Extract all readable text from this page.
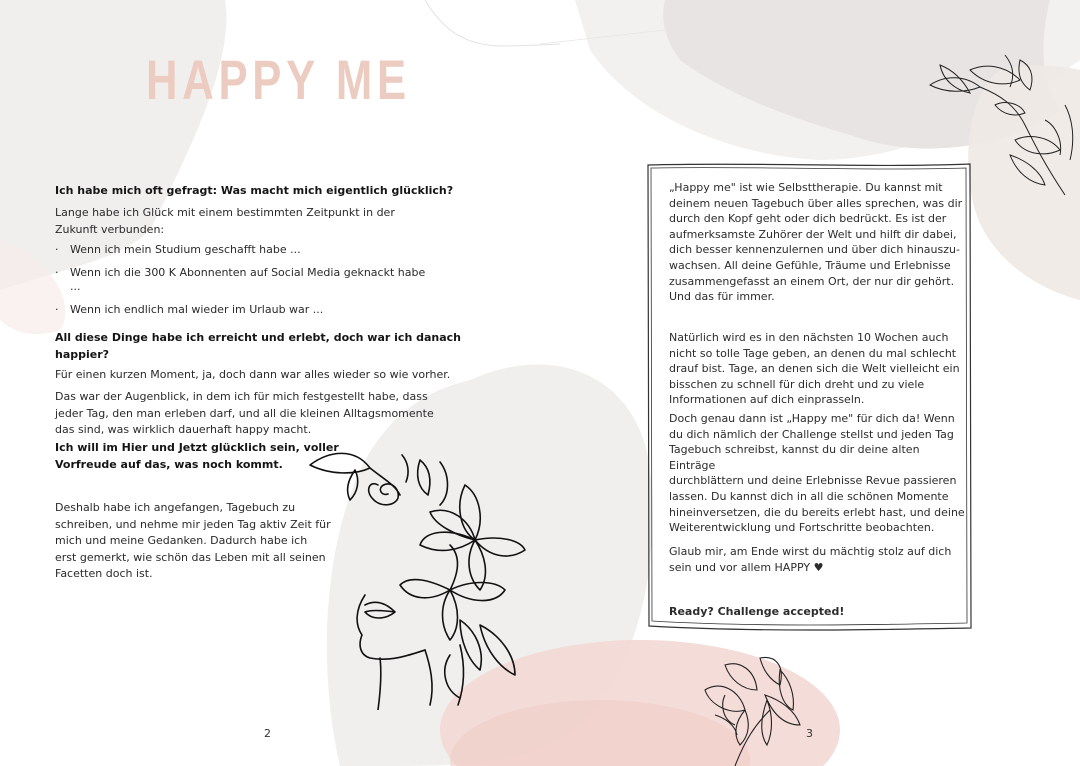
HAPPY ME

Ich habe mich oft gefragt: Was macht mich eigentlich glücklich?

Lange habe ich Glück mit einem bestimmten Zeitpunkt in der

Zukunft verbunden:

· Wenn ich mein Studium geschafft habe ...
· Wenn ich die 300 K Abonnenten auf Social Media geknackt habe ...
· Wenn ich endlich mal wieder im Urlaub war ...

All diese Dinge habe ich erreicht und erlebt, doch war ich danach

happier?

Für einen kurzen Moment, ja, doch dann war alles wieder so wie vorher.

Das war der Augenblick, in dem ich für mich festgestellt habe, dass

jeder Tag, den man erleben darf, und all die kleinen Alltagsmomente

das sind, was wirklich dauerhaft happy macht.

Ich will im Hier und Jetzt glücklich sein, voller

Vorfreude auf das, was noch kommt.

Deshalb habe ich angefangen, Tagebuch zu

schreiben, und nehme mir jeden Tag aktiv Zeit für

mich und meine Gedanken. Dadurch habe ich

erst gemerkt, wie schön das Leben mit all seinen

Facetten doch ist.

2

„Happy me" ist wie Selbsttherapie. Du kannst mit

deinem neuen Tagebuch über alles sprechen, was dir

durch den Kopf geht oder dich bedrückt. Es ist der

aufmerksamste Zuhörer der Welt und hilft dir dabei,

dich besser kennenzulernen und über dich hinauszu-

wachsen. All deine Gefühle, Träume und Erlebnisse

zusammengefasst an einem Ort, der nur dir gehört.

Und das für immer.

Natürlich wird es in den nächsten 10 Wochen auch

nicht so tolle Tage geben, an denen du mal schlecht

drauf bist. Tage, an denen sich die Welt vielleicht ein

bisschen zu schnell für dich dreht und zu viele

Informationen auf dich einprasseln.

Doch genau dann ist „Happy me" für dich da! Wenn

du dich nämlich der Challenge stellst und jeden Tag

Tagebuch schreibst, kannst du dir deine alten Einträge

durchblättern und deine Erlebnisse Revue passieren

lassen. Du kannst dich in all die schönen Momente

hineinversetzen, die du bereits erlebt hast, und deine

Weiterentwicklung und Fortschritte beobachten.

Glaub mir, am Ende wirst du mächtig stolz auf dich

sein und vor allem HAPPY ♥

Ready? Challenge accepted!

3
